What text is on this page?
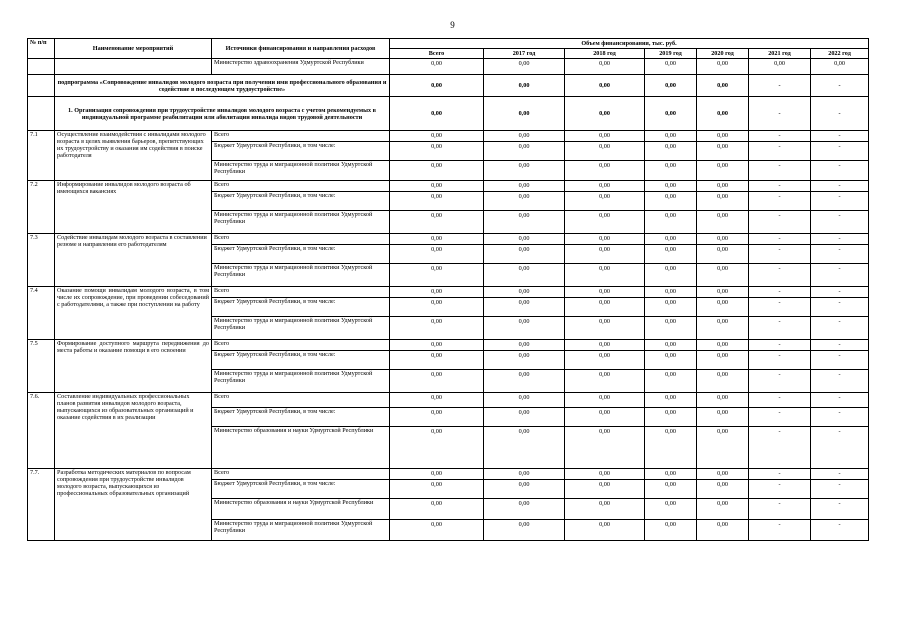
9
№ п/п	Наименование мероприятий	Источники финансирования и направления расходов	Объем финансирования, тыс. руб.						
			Всего	2017 год	2018 год	2019 год	2020 год	2021 год	2022 год
		Министерство здравоохранения Удмуртской Республики	0,00	0,00	0,00	0,00	0,00	0,00	0,00
	подпрограмма «Сопровождение инвалидов молодого возраста при получении ими профессионального образования и содействие в последующем трудоустройстве»		0,00	0,00	0,00	0,00	0,00	-	-
	1. Организация сопровождения при трудоустройстве инвалидов молодого возраста с учетом рекомендуемых в индивидуальной программе реабилитации или абилитации инвалида видов трудовой деятельности		0,00	0,00	0,00	0,00	0,00	-	-
7.1	Осуществление взаимодействия с инвалидами молодого возраста в целях выявления барьеров, препятствующих их трудоустройству и оказания им содействия в поиске работодателя	Всего	0,00	0,00	0,00	0,00	0,00	-	-
		Бюджет Удмуртской Республики, в том числе:	0,00	0,00	0,00	0,00	0,00	-	-
		Министерство труда и миграционной политики Удмуртской Республики	0,00	0,00	0,00	0,00	0,00	-	-
7.2	Информирование инвалидов молодого возраста об имеющихся вакансиях	Всего	0,00	0,00	0,00	0,00	0,00	-	-
		Бюджет Удмуртской Республики, в том числе:	0,00	0,00	0,00	0,00	0,00	-	-
		Министерство труда и миграционной политики Удмуртской Республики	0,00	0,00	0,00	0,00	0,00	-	-
7.3	Содействие инвалидам молодого возраста в составлении резюме и направлении его работодателям	Всего	0,00	0,00	0,00	0,00	0,00	-	-
		Бюджет Удмуртской Республики, в том числе:	0,00	0,00	0,00	0,00	0,00	-	-
		Министерство труда и миграционной политики Удмуртской Республики	0,00	0,00	0,00	0,00	0,00	-	-
7.4	Оказание помощи инвалидам молодого возраста, в том числе их сопровождение, при проведении собеседований с работодателями, а также при поступлении на работу	Всего	0,00	0,00	0,00	0,00	0,00	-	-
		Бюджет Удмуртской Республики, в том числе:	0,00	0,00	0,00	0,00	0,00	-	-
		Министерство труда и миграционной политики Удмуртской Республики	0,00	0,00	0,00	0,00	0,00	-	-
7.5	Формирование доступного маршрута передвижения до места работы и оказание помощи в его освоении	Всего	0,00	0,00	0,00	0,00	0,00	-	-
		Бюджет Удмуртской Республики, в том числе:	0,00	0,00	0,00	0,00	0,00	-	-
		Министерство труда и миграционной политики Удмуртской Республики	0,00	0,00	0,00	0,00	0,00	-	-
7.6.	Составление индивидуальных профессиональных планов развития инвалидов молодого возраста, выпускающихся из образовательных организаций и оказание содействия в их реализации	Всего	0,00	0,00	0,00	0,00	0,00	-	-
		Бюджет Удмуртской Республики, в том числе:	0,00	0,00	0,00	0,00	0,00	-	-
		Министерство образования и науки Удмуртской Республики	0,00	0,00	0,00	0,00	0,00	-	-
7.7.	Разработка методических материалов по вопросам сопровождения при трудоустройстве инвалидов молодого возраста, выпускающихся из профессиональных образовательных организаций	Всего	0,00	0,00	0,00	0,00	0,00	-	-
		Бюджет Удмуртской Республики, в том числе:	0,00	0,00	0,00	0,00	0,00	-	-
		Министерство образования и науки Удмуртской Республики	0,00	0,00	0,00	0,00	0,00	-	-
		Министерство труда и миграционной политики Удмуртской Республики	0,00	0,00	0,00	0,00	0,00	-	-
